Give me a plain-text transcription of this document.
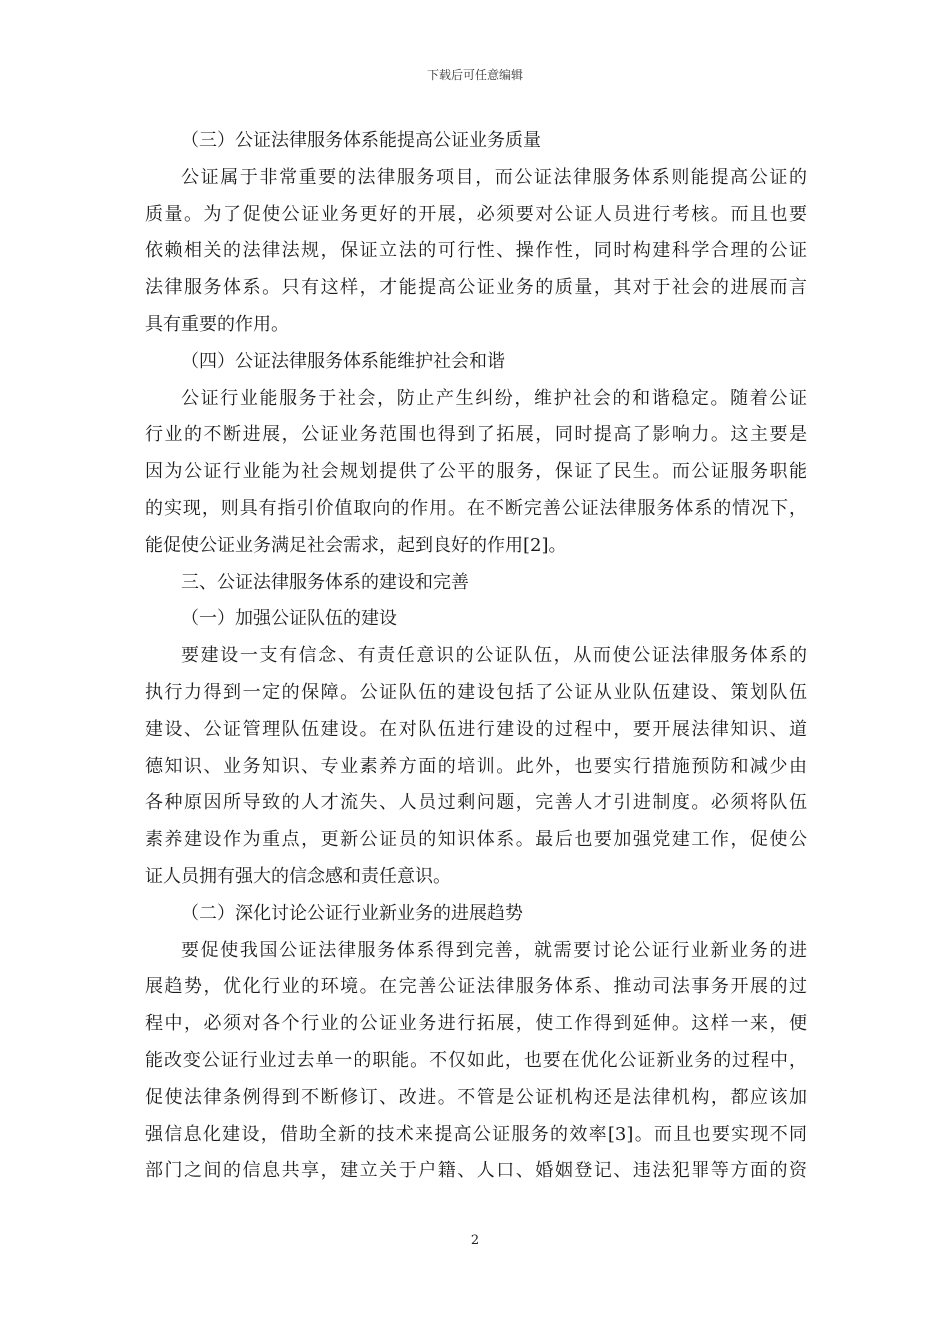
下载后可任意编辑
（三）公证法律服务体系能提高公证业务质量
公证属于非常重要的法律服务项目，而公证法律服务体系则能提高公证的
质量。为了促使公证业务更好的开展，必须要对公证人员进行考核。而且也要
依赖相关的法律法规，保证立法的可行性、操作性，同时构建科学合理的公证
法律服务体系。只有这样，才能提高公证业务的质量，其对于社会的进展而言
具有重要的作用。
（四）公证法律服务体系能维护社会和谐
公证行业能服务于社会，防止产生纠纷，维护社会的和谐稳定。随着公证
行业的不断进展，公证业务范围也得到了拓展，同时提高了影响力。这主要是
因为公证行业能为社会规划提供了公平的服务，保证了民生。而公证服务职能
的实现，则具有指引价值取向的作用。在不断完善公证法律服务体系的情况下，
能促使公证业务满足社会需求，起到良好的作用[2]。
三、公证法律服务体系的建设和完善
（一）加强公证队伍的建设
要建设一支有信念、有责任意识的公证队伍，从而使公证法律服务体系的
执行力得到一定的保障。公证队伍的建设包括了公证从业队伍建设、策划队伍
建设、公证管理队伍建设。在对队伍进行建设的过程中，要开展法律知识、道
德知识、业务知识、专业素养方面的培训。此外，也要实行措施预防和减少由
各种原因所导致的人才流失、人员过剩问题，完善人才引进制度。必须将队伍
素养建设作为重点，更新公证员的知识体系。最后也要加强党建工作，促使公
证人员拥有强大的信念感和责任意识。
（二）深化讨论公证行业新业务的进展趋势
要促使我国公证法律服务体系得到完善，就需要讨论公证行业新业务的进
展趋势，优化行业的环境。在完善公证法律服务体系、推动司法事务开展的过
程中，必须对各个行业的公证业务进行拓展，使工作得到延伸。这样一来，便
能改变公证行业过去单一的职能。不仅如此，也要在优化公证新业务的过程中，
促使法律条例得到不断修订、改进。不管是公证机构还是法律机构，都应该加
强信息化建设，借助全新的技术来提高公证服务的效率[3]。而且也要实现不同
部门之间的信息共享，建立关于户籍、人口、婚姻登记、违法犯罪等方面的资
2
